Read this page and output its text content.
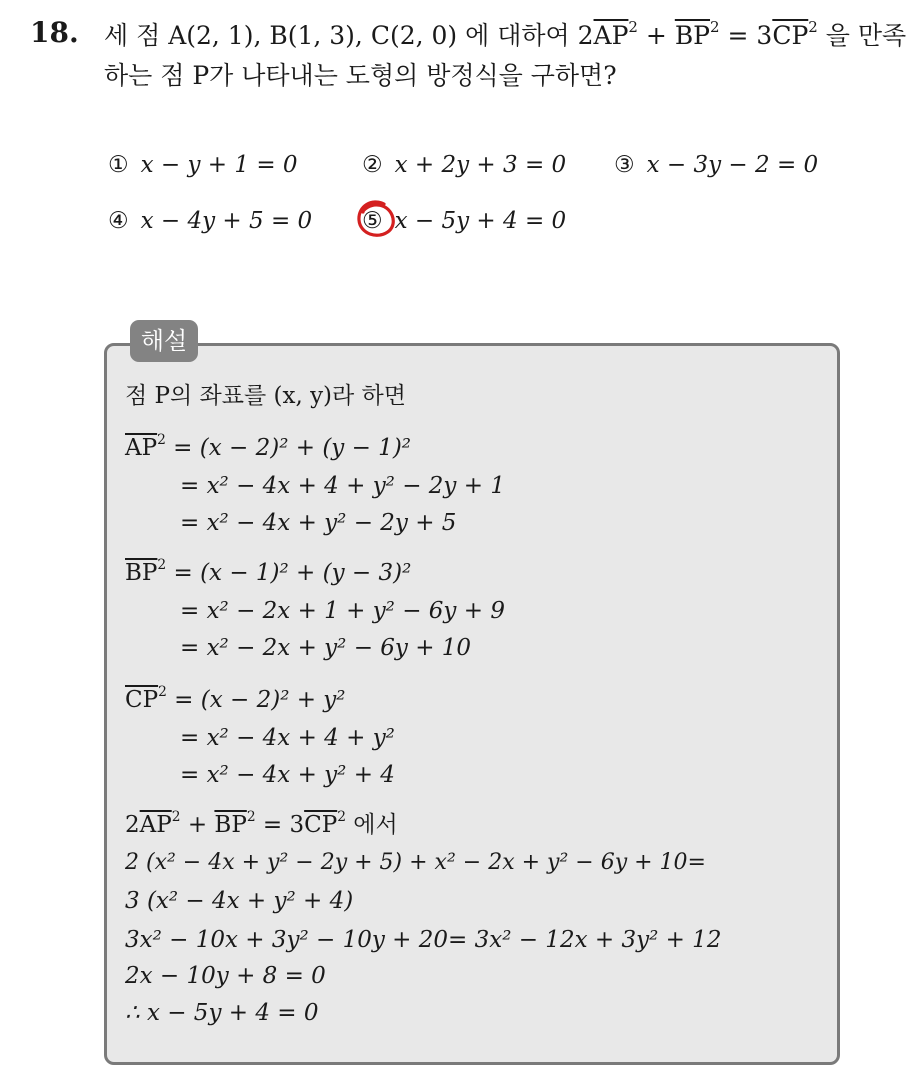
18. 세 점 A(2, 1), B(1, 3), C(2, 0) 에 대하여 $2\overline{AP}^2 + \overline{BP}^2 = 3\overline{CP}^2$ 을 만족
하는 점 P가 나타내는 도형의 방정식을 구하면?
① x − y + 1 = 0	② x + 2y + 3 = 0 ③ x − 3y − 2 = 0
④ x − 4y + 5 = 0 ⑤ x − 5y + 4 = 0
해설
점 P의 좌표를 (x, y)라 하면
$\overline{AP}^2 = (x - 2)^2 + (y - 1)^2$
= x² − 4x + 4 + y² − 2y + 1
= x² − 4x + y² − 2y + 5
$\overline{BP}^2 = (x - 1)^2 + (y - 3)^2$
= x² − 2x + 1 + y² − 6y + 9
= x² − 2x + y² − 6y + 10
$\overline{CP}^2 = (x - 2)^2 + y^2$
= x² − 4x + 4 + y²
= x² − 4x + y² + 4
$2\overline{AP}^2 + \overline{BP}^2 = 3\overline{CP}^2$ 에서
2 (x² − 4x + y² − 2y + 5) + x² − 2x + y² − 6y + 10=
3 (x² − 4x + y² + 4)
3x² − 10x + 3y² − 10y + 20= 3x² − 12x + 3y² + 12
2x − 10y + 8 = 0
∴ x − 5y + 4 = 0
